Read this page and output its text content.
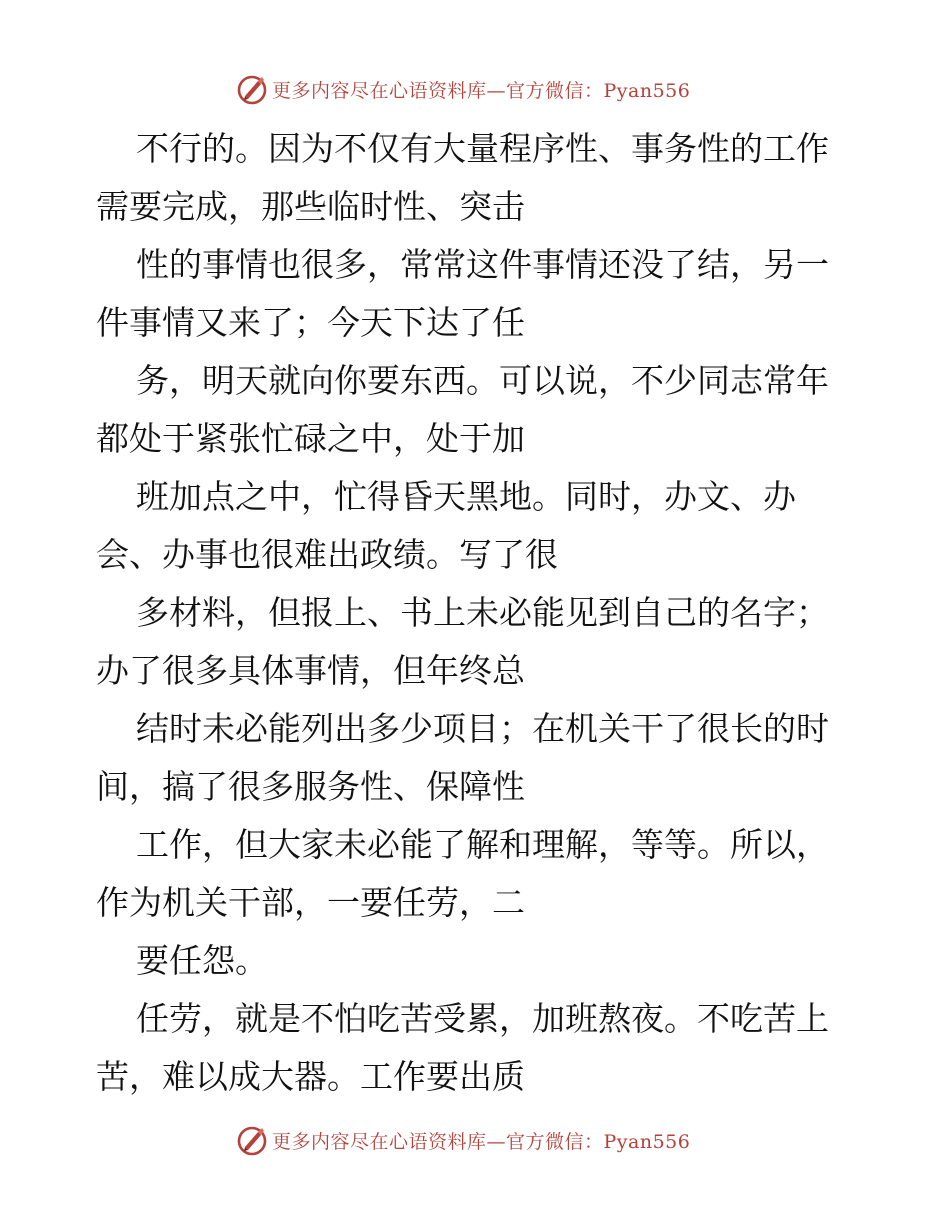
更多内容尽在心语资料库—官方微信：Pyan556
不行的。因为不仅有大量程序性、事务性的工作
需要完成，那些临时性、突击
性的事情也很多，常常这件事情还没了结，另一
件事情又来了；今天下达了任
务，明天就向你要东西。可以说，不少同志常年
都处于紧张忙碌之中，处于加
班加点之中，忙得昏天黑地。同时，办文、办
会、办事也很难出政绩。写了很
多材料，但报上、书上未必能见到自己的名字；
办了很多具体事情，但年终总
结时未必能列出多少项目；在机关干了很长的时
间，搞了很多服务性、保障性
工作，但大家未必能了解和理解，等等。所以，
作为机关干部，一要任劳，二
要任怨。
任劳，就是不怕吃苦受累，加班熬夜。不吃苦上
苦，难以成大器。工作要出质
更多内容尽在心语资料库—官方微信：Pyan556
